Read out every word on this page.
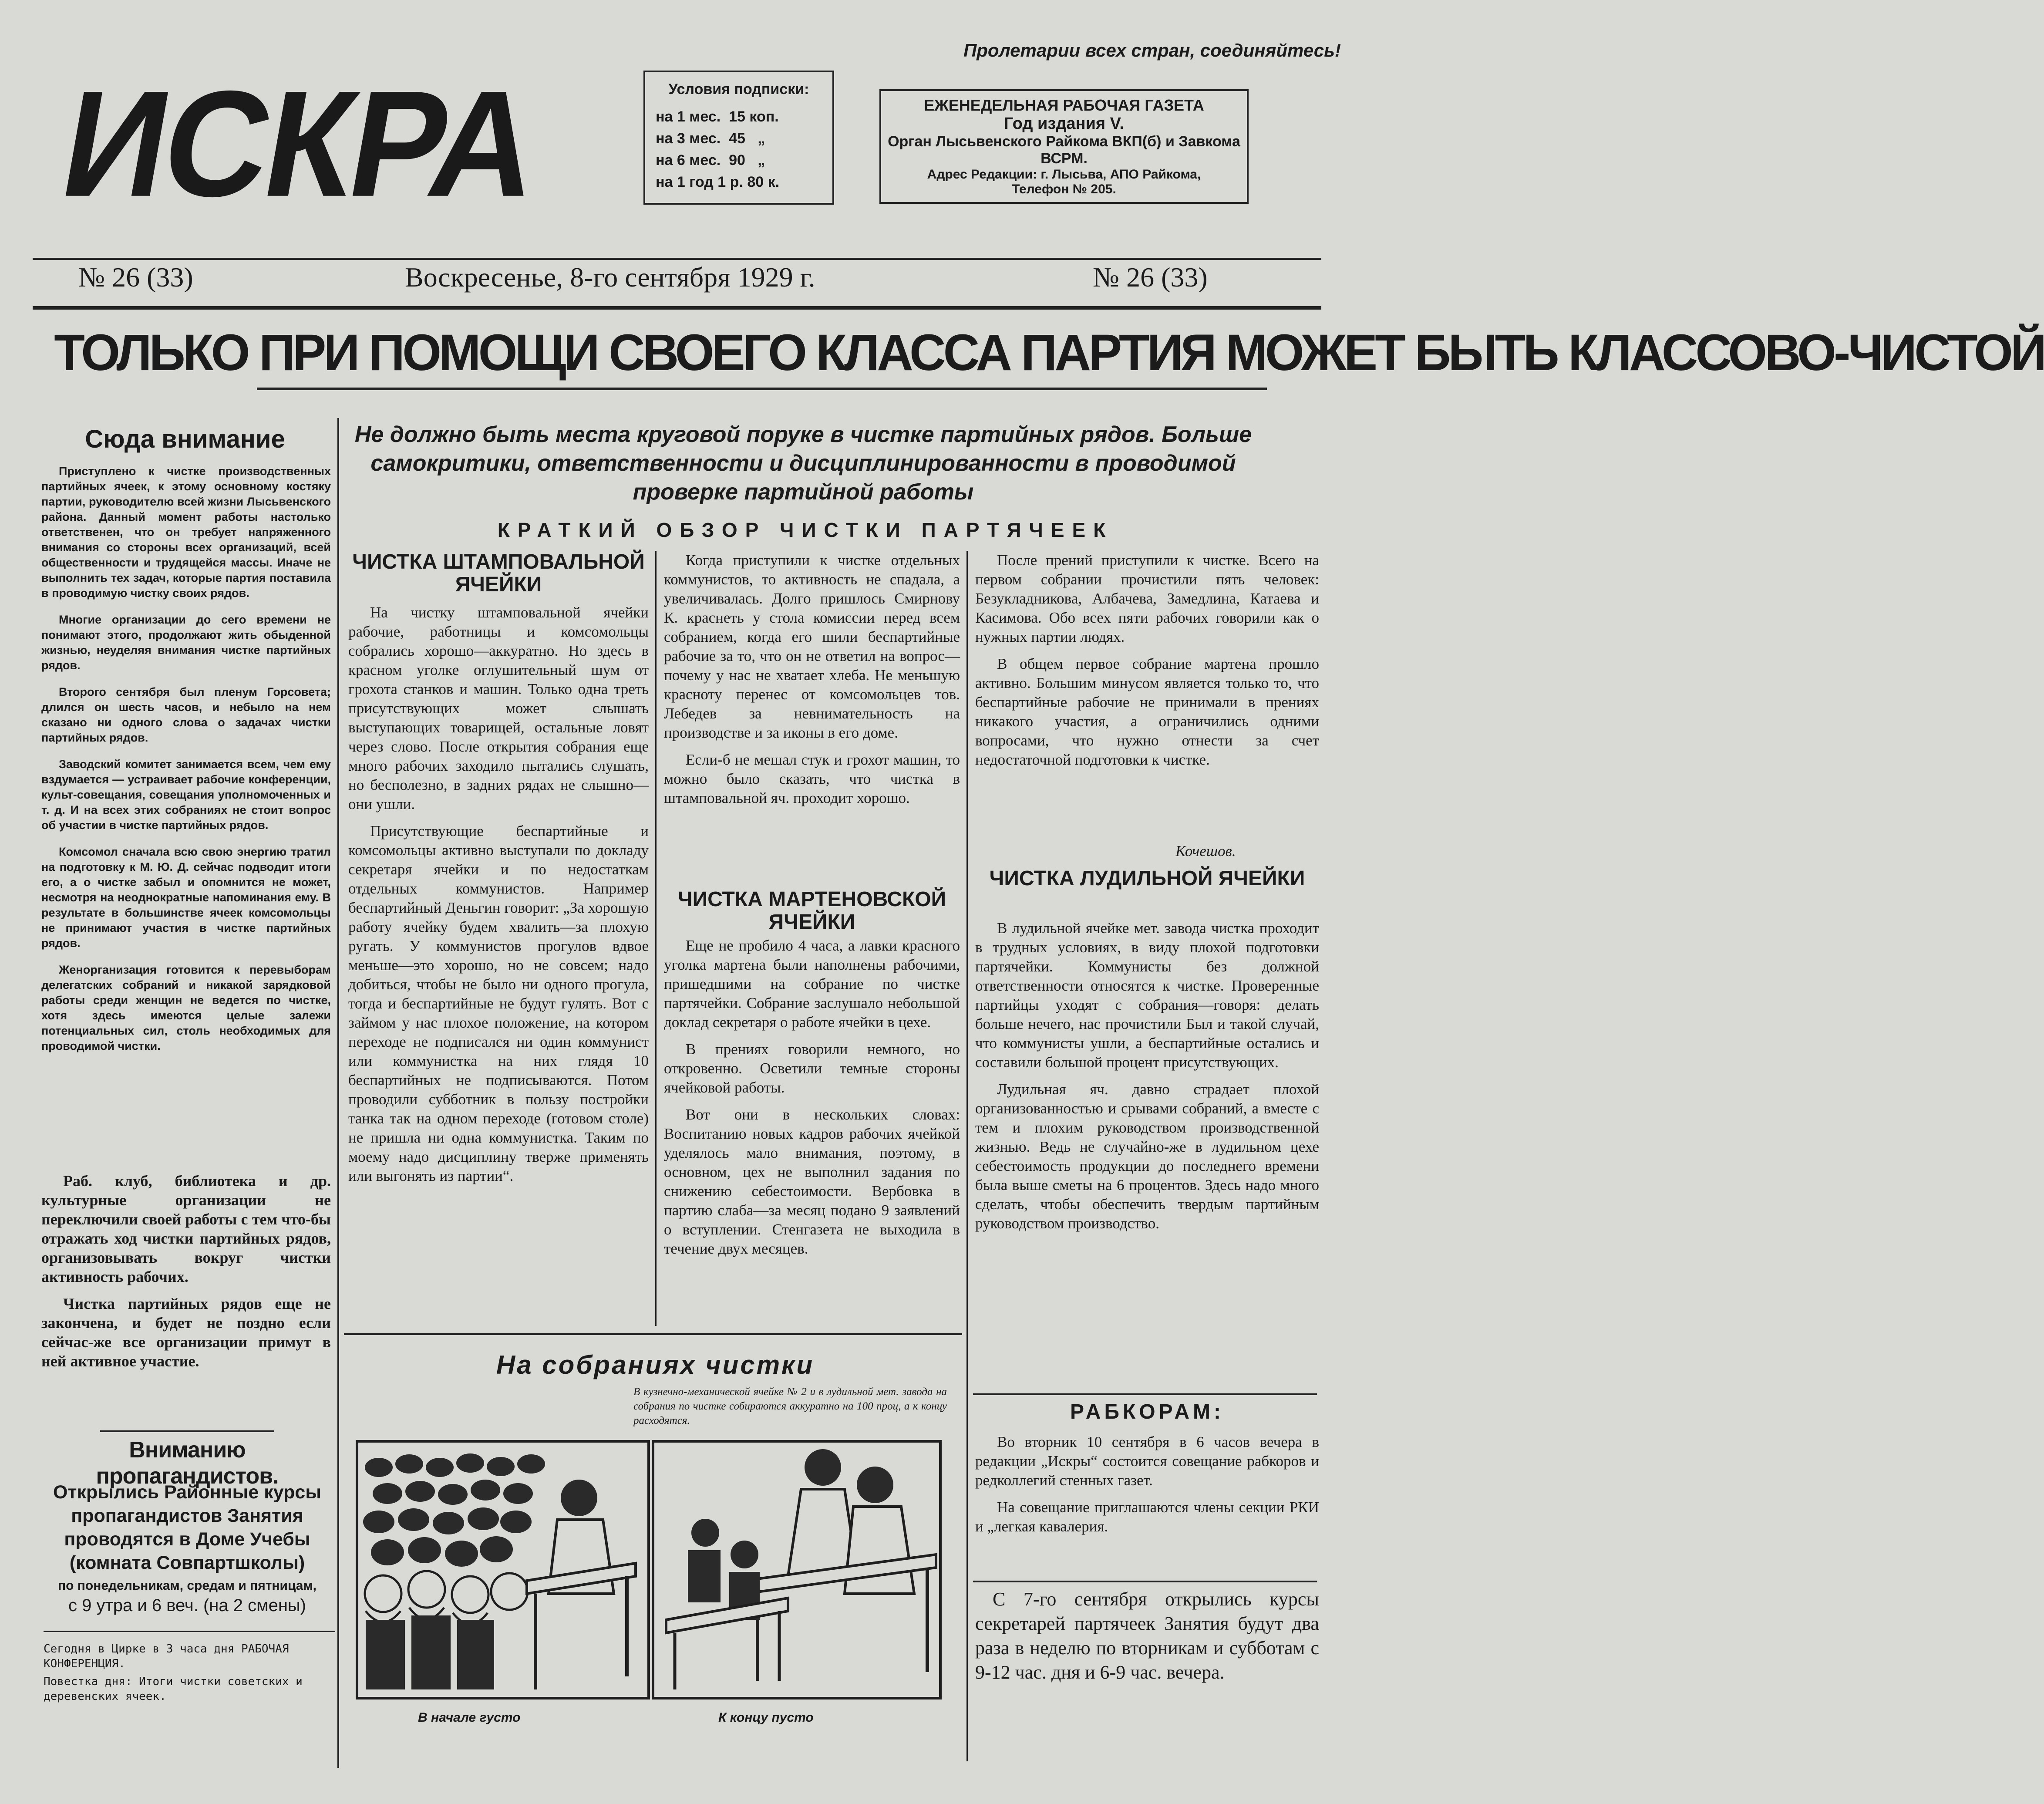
Пролетарии всех стран, соединяйтесь!
ИСКРА	Условия подписки:
на 1 мес.  15 коп.
на 3 мес.  45   „
на 6 мес.  90   „
на 1 год 1 р. 80 к.
ЕЖЕНЕДЕЛЬНАЯ РАБОЧАЯ ГАЗЕТА
Год издания V.
Орган Лысьвенского Райкома ВКП(б) и Завкома ВСРМ.
Адрес Редакции: г. Лысьва, АПО Райкома,
Телефон № 205.
№ 26 (33)	Воскресенье, 8-го сентября 1929 г.	№ 26 (33)
ТОЛЬКО ПРИ ПОМОЩИ СВОЕГО КЛАССА ПАРТИЯ МОЖЕТ БЫТЬ КЛАССОВО-ЧИСТОЙ
Сюда внимание

Приступлено к чистке производственных партийных ячеек, к этому основному костяку партии, руководителю всей жизни Лысьвенского района. Данный момент работы настолько ответственен, что он требует напряженного внимания со стороны всех организаций, всей общественности и трудящейся массы. Иначе не выполнить тех задач, которые партия поставила в проводимую чистку своих рядов.

Многие организации до сего времени не понимают этого, продолжают жить обыденной жизнью, неуделяя внимания чистке партийных рядов.

Второго сентября был пленум Горсовета; длился он шесть часов, и небыло на нем сказано ни одного слова о задачах чистки партийных рядов.

Заводский комитет занимается всем, чем ему вздумается — устраивает рабочие конференции, культ-совещания, совещания уполномоченных и т. д. И на всех этих собраниях не стоит вопрос об участии в чистке партийных рядов.

Комсомол сначала всю свою энергию тратил на подготовку к М. Ю. Д. сейчас подводит итоги его, а о чистке забыл и опомнится не может, несмотря на неоднократные напоминания ему. В результате в большинстве ячеек комсомольцы не принимают участия в чистке партийных рядов.

Женорганизация готовится к перевыборам делегатских собраний и никакой зарядковой работы среди женщин не ведется по чистке, хотя здесь имеются целые залежи потенциальных сил, столь необходимых для проводимой чистки.

Раб. клуб, библиотека и др. культурные организации не переключили своей работы с тем что-бы отражать ход чистки партийных рядов, организовывать вокруг чистки активность рабочих.

Чистка партийных рядов еще не закончена, и будет не поздно если сейчас-же все организации примут в ней активное участие.

Вниманию пропагандистов.
Открылись Районные курсы пропагандистов Занятия проводятся в Доме Учебы (комната Совпартшколы)
по понедельникам, средам и пятницам,
с 9 утра и 6 веч. (на 2 смены)
Сегодня в Цирке в 3 часа дня РАБОЧАЯ КОНФЕРЕНЦИЯ.
Повестка дня: Итоги чистки советских и деревенских ячеек.
Не должно быть места круговой поруке в чистке партийных рядов. Больше самокритики, ответственности и дисциплинированности в проводимой проверке партийной работы
КРАТКИЙ ОБЗОР ЧИСТКИ ПАРТЯЧЕЕК
ЧИСТКА ШТАМПОВАЛЬНОЙ ЯЧЕЙКИ

На чистку штамповальной ячейки рабочие, работницы и комсомольцы собрались хорошо—аккуратно. Но здесь в красном уголке оглушительный шум от грохота станков и машин. Только одна треть присутствующих может слышать выступающих товарищей, остальные ловят через слово. После открытия собрания еще много рабочих заходило пытались слушать, но бесполезно, в задних рядах не слышно—они ушли.

Присутствующие беспартийные и комсомольцы активно выступали по докладу секретаря ячейки и по недостаткам отдельных коммунистов. Например беспартийный Деньгин говорит: „За хорошую работу ячейку будем хвалить—за плохую ругать. У коммунистов прогулов вдвое меньше—это хорошо, но не совсем; надо добиться, чтобы не было ни одного прогула, тогда и беспартийные не будут гулять. Вот с займом у нас плохое положение, на котором переходе не подписался ни один коммунист или коммунистка на них глядя 10 беспартийных не подписываются. Потом проводили субботник в пользу постройки танка так на одном переходе (готовом столе) не пришла ни одна коммунистка. Таким по моему надо дисциплину тверже применять или выгонять из партии“.

Когда приступили к чистке отдельных коммунистов, то активность не спадала, а увеличивалась. Долго пришлось Смирнову К. краснеть у стола комиссии перед всем собранием, когда его шили беспартийные рабочие за то, что он не ответил на вопрос—почему у нас не хватает хлеба. Не меньшую красноту перенес от комсомольцев тов. Лебедев за невнимательность на производстве и за иконы в его доме.

Если-б не мешал стук и грохот машин, то можно было сказать, что чистка в штамповальной яч. проходит хорошо.

ЧИСТКА МАРТЕНОВСКОЙ ЯЧЕЙКИ

Еще не пробило 4 часа, а лавки красного уголка мартена были наполнены рабочими, пришедшими на собрание по чистке партячейки. Собрание заслушало небольшой доклад секретаря о работе ячейки в цехе.

В прениях говорили немного, но откровенно. Осветили темные стороны ячейковой работы.

Вот они в нескольких словах: Воспитанию новых кадров рабочих ячейкой уделялось мало внимания, поэтому, в основном, цех не выполнил задания по снижению себестоимости. Вербовка в партию слаба—за месяц подано 9 заявлений о вступлении. Стенгазета не выходила в течение двух месяцев.

После прений приступили к чистке. Всего на первом собрании прочистили пять человек: Безукладникова, Албачева, Замедлина, Катаева и Касимова. Обо всех пяти рабочих говорили как о нужных партии людях.

В общем первое собрание мартена прошло активно. Большим минусом является только то, что беспартийные рабочие не принимали в прениях никакого участия, а ограничились одними вопросами, что нужно отнести за счет недостаточной подготовки к чистке.

Кочешов.
ЧИСТКА ЛУДИЛЬНОЙ ЯЧЕЙКИ

В лудильной ячейке мет. завода чистка проходит в трудных условиях, в виду плохой подготовки партячейки. Коммунисты без должной ответственности относятся к чистке. Проверенные партийцы уходят с собрания—говоря: делать больше нечего, нас прочистили Был и такой случай, что коммунисты ушли, а беспартийные остались и составили большой процент присутствующих.

Лудильная яч. давно страдает плохой организованностью и срывами собраний, а вместе с тем и плохим руководством производственной жизнью. Ведь не случайно-же в лудильном цехе себестоимость продукции до последнего времени была выше сметы на 6 процентов. Здесь надо много сделать, чтобы обеспечить твердым партийным руководством производство.

РАБКОРАМ:

Во вторник 10 сентября в 6 часов вечера в редакции „Искры“ состоится совещание рабкоров и редколлегий стенных газет.

На совещание приглашаются члены секции РКИ и „легкая кавалерия.

С 7-го сентября открылись курсы секретарей партячеек Занятия будут два раза в неделю по вторникам и субботам с 9-12 час. дня и 6-9 час. вечера.
На собраниях чистки
В кузнечно-механической ячейке № 2 и в лудильной мет. завода на собрания по чистке собираются аккуратно на 100 проц, а к концу расходятся.
В начале густо	К концу пусто
